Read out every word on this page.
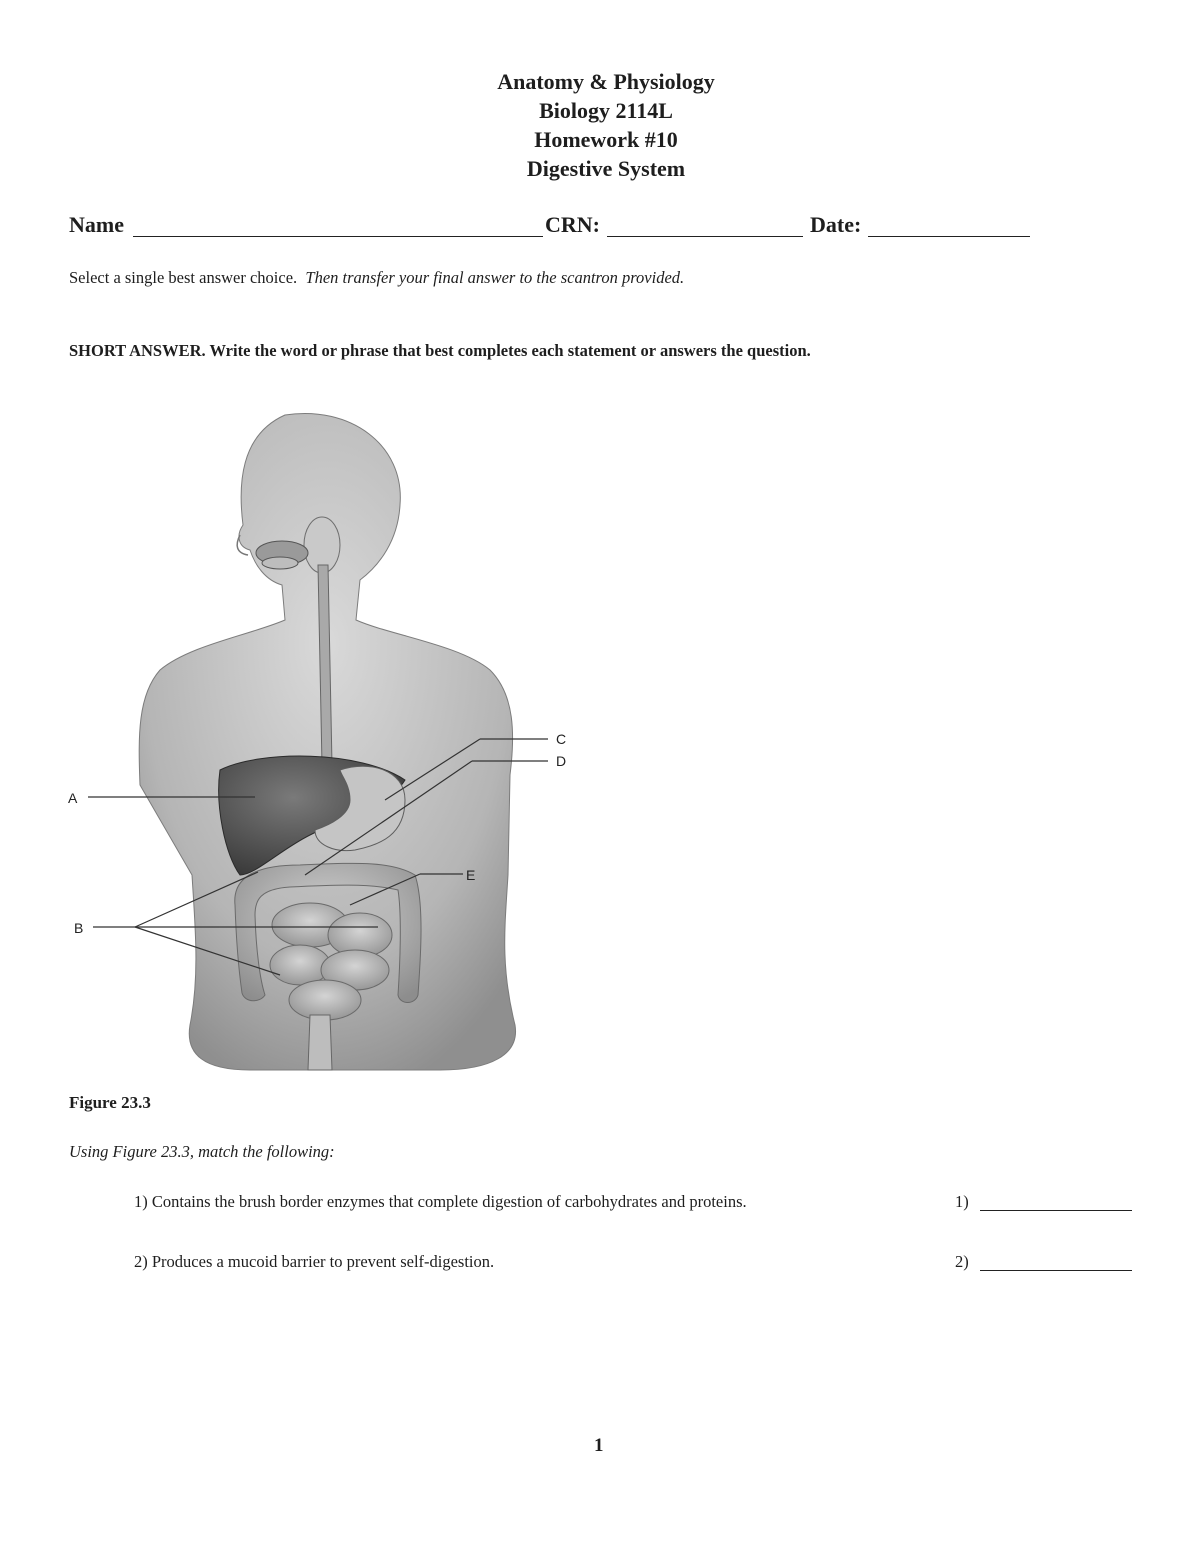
Anatomy & Physiology
Biology 2114L
Homework #10
Digestive System
Name	CRN:	Date:
Select a single best answer choice. Then transfer your final answer to the scantron provided.
SHORT ANSWER. Write the word or phrase that best completes each statement or answers the question.
A
B
C
D
E
Figure 23.3
Using Figure 23.3, match the following:
1) Contains the brush border enzymes that complete digestion of carbohydrates and proteins.	1)
2) Produces a mucoid barrier to prevent self-digestion.	2)
1
